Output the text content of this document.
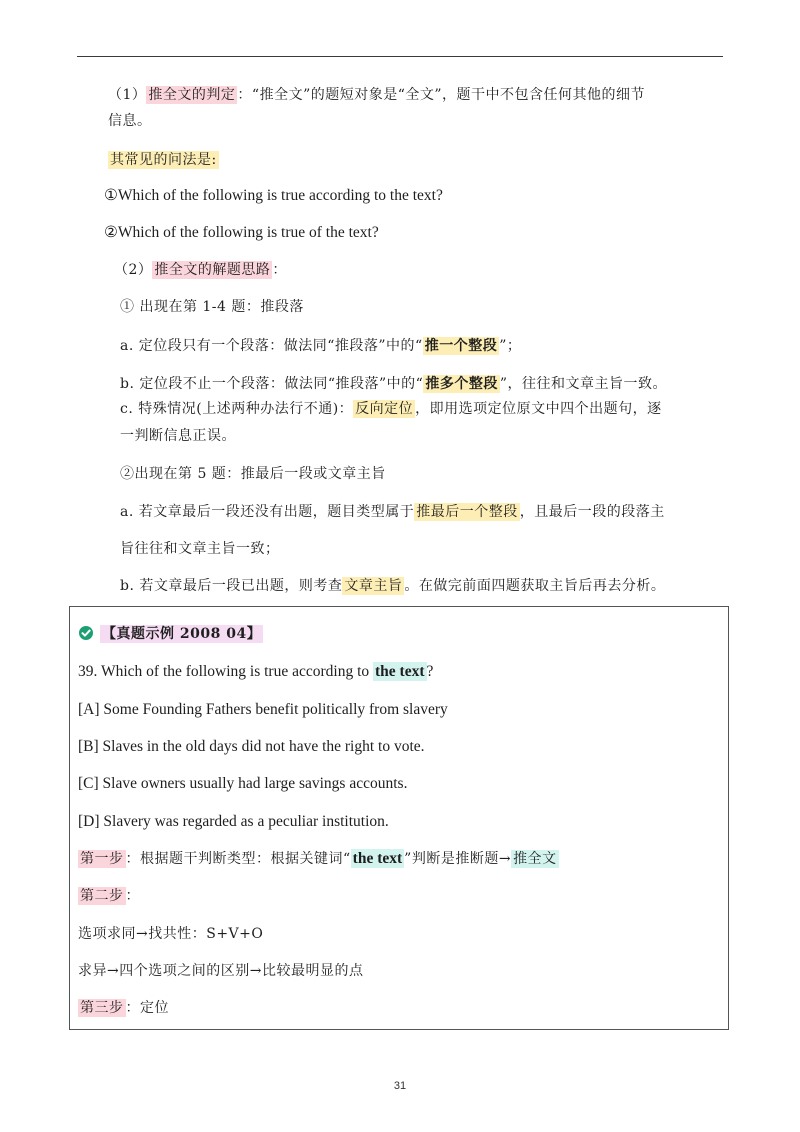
（1） 推全文的判定 ：“推全文”的题短对象是“全文”，题干中不包含任何其他的细节
信息。
其常见的问法是:
①Which of the following is true according to the text?
②Which of the following is true of the text?
（2） 推全文的解题思路 ：
① 出现在第 1-4 题：推段落
a. 定位段只有一个段落：做法同“推段落”中的“ 推一个整段 ”；
b. 定位段不止一个段落：做法同“推段落”中的“ 推多个整段 ”，往往和文章主旨一致。
c. 特殊情况(上述两种办法行不通)： 反向定位 ，即用选项定位原文中四个出题句，逐
一判断信息正误。
②出现在第 5 题：推最后一段或文章主旨
a. 若文章最后一段还没有出题，题目类型属于 推最后一个整段 ，且最后一段的段落主
旨往往和文章主旨一致；
b. 若文章最后一段已出题，则考查 文章主旨 。在做完前面四题获取主旨后再去分析。
【真题示例 2008 04】
39. Which of the following is true according to the text ?
[A] Some Founding Fathers benefit politically from slavery
[B] Slaves in the old days did not have the right to vote.
[C] Slave owners usually had large savings accounts.
[D] Slavery was regarded as a peculiar institution.
第一步 ：根据题干判断类型：根据关键词“ the text ”判断是推断题→ 推全文
第二步 ：
选项求同→找共性：S+V+O
求异→四个选项之间的区别→比较最明显的点
第三步 ：定位
31
